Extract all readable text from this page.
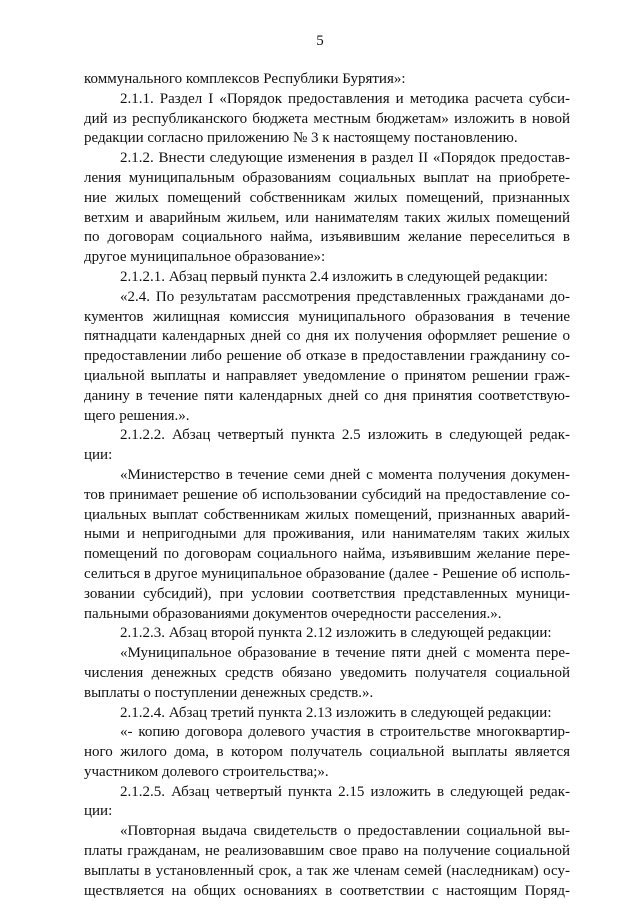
5
коммунального комплексов Республики Бурятия»:
2.1.1. Раздел I «Порядок предоставления и методика расчета субси-
дий из республиканского бюджета местным бюджетам» изложить в новой
редакции согласно приложению № 3 к настоящему постановлению.
2.1.2. Внести следующие изменения в раздел II «Порядок предостав-
ления муниципальным образованиям социальных выплат на приобрете-
ние жилых помещений собственникам жилых помещений, признанных
ветхим и аварийным жильем, или нанимателям таких жилых помещений
по договорам социального найма, изъявившим желание переселиться в
другое муниципальное образование»:
2.1.2.1. Абзац первый пункта 2.4 изложить в следующей редакции:
«2.4. По результатам рассмотрения представленных гражданами до-
кументов жилищная комиссия муниципального образования в течение
пятнадцати календарных дней со дня их получения оформляет решение о
предоставлении либо решение об отказе в предоставлении гражданину со-
циальной выплаты и направляет уведомление о принятом решении граж-
данину в течение пяти календарных дней со дня принятия соответствую-
щего решения.».
2.1.2.2. Абзац четвертый пункта 2.5 изложить в следующей редак-
ции:
«Министерство в течение семи дней с момента получения докумен-
тов принимает решение об использовании субсидий на предоставление со-
циальных выплат собственникам жилых помещений, признанных аварий-
ными и непригодными для проживания, или нанимателям таких жилых
помещений по договорам социального найма, изъявившим желание пере-
селиться в другое муниципальное образование (далее - Решение об исполь-
зовании субсидий), при условии соответствия представленных муници-
пальными образованиями документов очередности расселения.».
2.1.2.3. Абзац второй пункта 2.12 изложить в следующей редакции:
«Муниципальное образование в течение пяти дней с момента пере-
числения денежных средств обязано уведомить получателя социальной
выплаты о поступлении денежных средств.».
2.1.2.4. Абзац третий пункта 2.13 изложить в следующей редакции:
«- копию договора долевого участия в строительстве многоквартир-
ного жилого дома, в котором получатель социальной выплаты является
участником долевого строительства;».
2.1.2.5. Абзац четвертый пункта 2.15 изложить в следующей редак-
ции:
«Повторная выдача свидетельств о предоставлении социальной вы-
платы гражданам, не реализовавшим свое право на получение социальной
выплаты в установленный срок, а так же членам семей (наследникам) осу-
ществляется на общих основаниях в соответствии с настоящим Поряд-
